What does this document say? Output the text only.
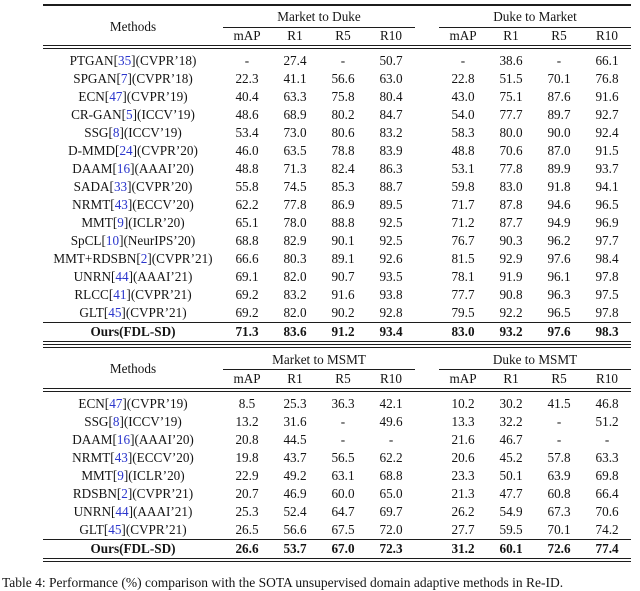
Methods	Market to Duke					Duke to Market			
	mAP	R1	R5	R10		mAP	R1	R5	R10
PTGAN[35](CVPR’18)	-	27.4	-	50.7		-	38.6	-	66.1
SPGAN[7](CVPR’18)	22.3	41.1	56.6	63.0		22.8	51.5	70.1	76.8
ECN[47](CVPR’19)	40.4	63.3	75.8	80.4		43.0	75.1	87.6	91.6
CR-GAN[5](ICCV’19)	48.6	68.9	80.2	84.7		54.0	77.7	89.7	92.7
SSG[8](ICCV’19)	53.4	73.0	80.6	83.2		58.3	80.0	90.0	92.4
D-MMD[24](CVPR’20)	46.0	63.5	78.8	83.9		48.8	70.6	87.0	91.5
DAAM[16](AAAI’20)	48.8	71.3	82.4	86.3		53.1	77.8	89.9	93.7
SADA[33](CVPR’20)	55.8	74.5	85.3	88.7		59.8	83.0	91.8	94.1
NRMT[43](ECCV’20)	62.2	77.8	86.9	89.5		71.7	87.8	94.6	96.5
MMT[9](ICLR’20)	65.1	78.0	88.8	92.5		71.2	87.7	94.9	96.9
SpCL[10](NeurIPS’20)	68.8	82.9	90.1	92.5		76.7	90.3	96.2	97.7
MMT+RDSBN[2](CVPR’21)	66.6	80.3	89.1	92.6		81.5	92.9	97.6	98.4
UNRN[44](AAAI’21)	69.1	82.0	90.7	93.5		78.1	91.9	96.1	97.8
RLCC[41](CVPR’21)	69.2	83.2	91.6	93.8		77.7	90.8	96.3	97.5
GLT[45](CVPR’21)	69.2	82.0	90.2	92.8		79.5	92.2	96.5	97.8
Ours(FDL-SD)	71.3	83.6	91.2	93.4		83.0	93.2	97.6	98.3
Methods	Market to MSMT					Duke to MSMT			
	mAP	R1	R5	R10		mAP	R1	R5	R10
ECN[47](CVPR’19)	8.5	25.3	36.3	42.1		10.2	30.2	41.5	46.8
SSG[8](ICCV’19)	13.2	31.6	-	49.6		13.3	32.2	-	51.2
DAAM[16](AAAI’20)	20.8	44.5	-	-		21.6	46.7	-	-
NRMT[43](ECCV’20)	19.8	43.7	56.5	62.2		20.6	45.2	57.8	63.3
MMT[9](ICLR’20)	22.9	49.2	63.1	68.8		23.3	50.1	63.9	69.8
RDSBN[2](CVPR’21)	20.7	46.9	60.0	65.0		21.3	47.7	60.8	66.4
UNRN[44](AAAI’21)	25.3	52.4	64.7	69.7		26.2	54.9	67.3	70.6
GLT[45](CVPR’21)	26.5	56.6	67.5	72.0		27.7	59.5	70.1	74.2
Ours(FDL-SD)	26.6	53.7	67.0	72.3		31.2	60.1	72.6	77.4
Table 4: Performance (%) comparison with the SOTA unsupervised domain adaptive methods in Re-ID.
